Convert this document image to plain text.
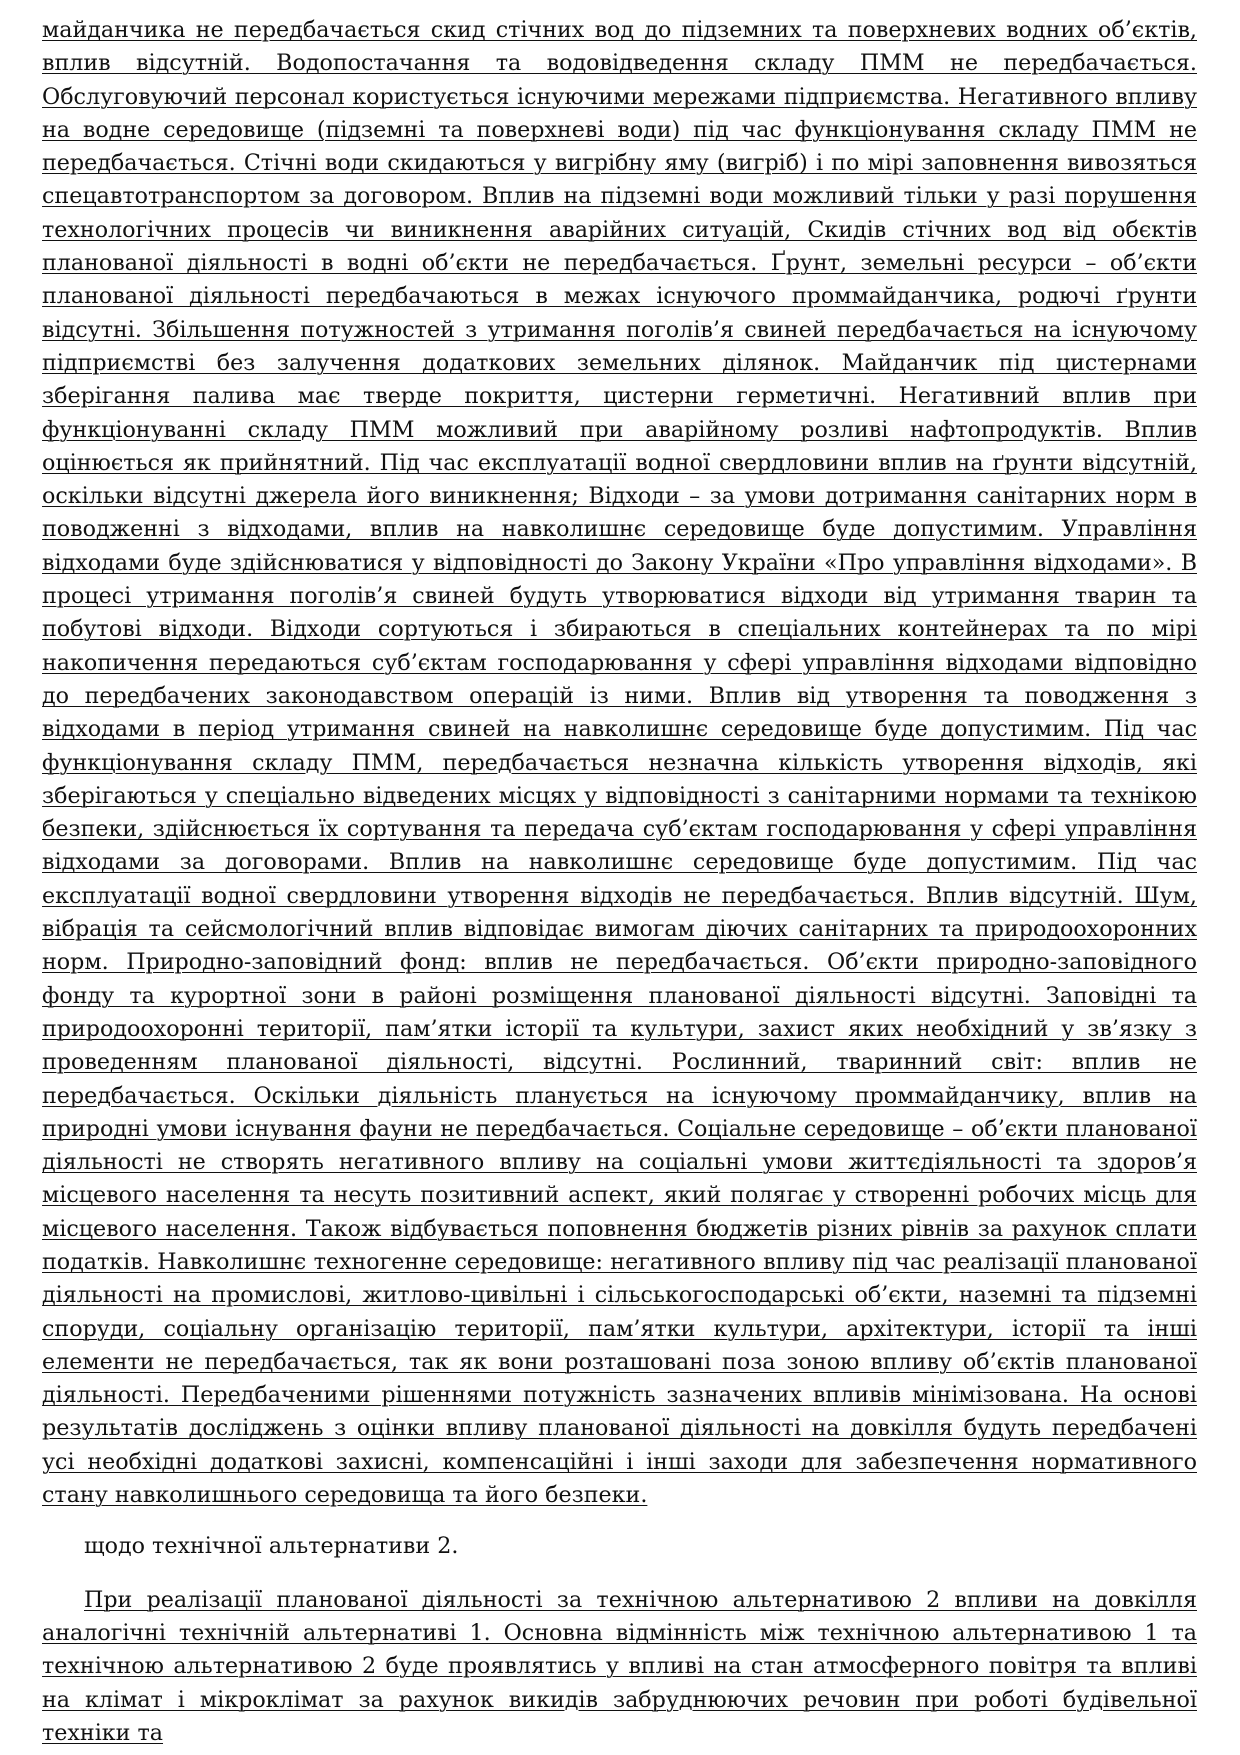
майданчика не передбачається скид стічних вод до підземних та поверхневих водних об’єктів, вплив відсутній. Водопостачання та водовідведення складу ПММ не передбачається. Обслуговуючий персонал користується існуючими мережами підприємства. Негативного впливу на водне середовище (підземні та поверхневі води) під час функціонування складу ПММ не передбачається. Стічні води скидаються у вигрібну яму (вигріб) і по мірі заповнення вивозяться спецавтотранспортом за договором. Вплив на підземні води можливий тільки у разі порушення технологічних процесів чи виникнення аварійних ситуацій, Скидів стічних вод від обєктів планованої діяльності в водні об’єкти не передбачається. Ґрунт, земельні ресурси – об’єкти планованої діяльності передбачаються в межах існуючого проммайданчика, родючі ґрунти відсутні. Збільшення потужностей з утримання поголів’я свиней передбачається на існуючому підприємстві без залучення додаткових земельних ділянок. Майданчик під цистернами зберігання палива має тверде покриття, цистерни герметичні. Негативний вплив при функціонуванні складу ПММ можливий при аварійному розливі нафтопродуктів. Вплив оцінюється як прийнятний. Під час експлуатації водної свердловини вплив на ґрунти відсутній, оскільки відсутні джерела його виникнення; Відходи – за умови дотримання санітарних норм в поводженні з відходами, вплив на навколишнє середовище буде допустимим. Управління відходами буде здійснюватися у відповідності до Закону України «Про управління відходами». В процесі утримання поголів’я свиней будуть утворюватися відходи від утримання тварин та побутові відходи. Відходи сортуються і збираються в спеціальних контейнерах та по мірі накопичення передаються суб’єктам господарювання у сфері управління відходами відповідно до передбачених законодавством операцій із ними. Вплив від утворення та поводження з відходами в період утримання свиней на навколишнє середовище буде допустимим. Під час функціонування складу ПММ, передбачається незначна кількість утворення відходів, які зберігаються у спеціально відведених місцях у відповідності з санітарними нормами та технікою безпеки, здійснюється їх сортування та передача суб’єктам господарювання у сфері управління відходами за договорами. Вплив на навколишнє середовище буде допустимим. Під час експлуатації водної свердловини утворення відходів не передбачається. Вплив відсутній. Шум, вібрація та сейсмологічний вплив відповідає вимогам діючих санітарних та природоохоронних норм. Природно-заповідний фонд: вплив не передбачається. Об’єкти природно-заповідного фонду та курортної зони в районі розміщення планованої діяльності відсутні. Заповідні та природоохоронні території, пам’ятки історії та культури, захист яких необхідний у зв’язку з проведенням планованої діяльності, відсутні. Рослинний, тваринний світ: вплив не передбачається. Оскільки діяльність планується на існуючому проммайданчику, вплив на природні умови існування фауни не передбачається. Соціальне середовище – об’єкти планованої діяльності не створять негативного впливу на соціальні умови життєдіяльності та здоров’я місцевого населення та несуть позитивний аспект, який полягає у створенні робочих місць для місцевого населення. Також відбувається поповнення бюджетів різних рівнів за рахунок сплати податків. Навколишнє техногенне середовище: негативного впливу під час реалізації планованої діяльності на промислові, житлово-цивільні і сільськогосподарські об’єкти, наземні та підземні споруди, соціальну організацію території, пам’ятки культури, архітектури, історії та інші елементи не передбачається, так як вони розташовані поза зоною впливу об’єктів планованої діяльності. Передбаченими рішеннями потужність зазначених впливів мінімізована. На основі результатів досліджень з оцінки впливу планованої діяльності на довкілля будуть передбачені усі необхідні додаткові захисні, компенсаційні і інші заходи для забезпечення нормативного стану навколишнього середовища та його безпеки.

щодо технічної альтернативи 2.

При реалізації планованої діяльності за технічною альтернативою 2 впливи на довкілля аналогічні технічній альтернативі 1. Основна відмінність між технічною альтернативою 1 та технічною альтернативою 2 буде проявлятись у впливі на стан атмосферного повітря та впливі на клімат і мікроклімат за рахунок викидів забруднюючих речовин при роботі будівельної техніки та
